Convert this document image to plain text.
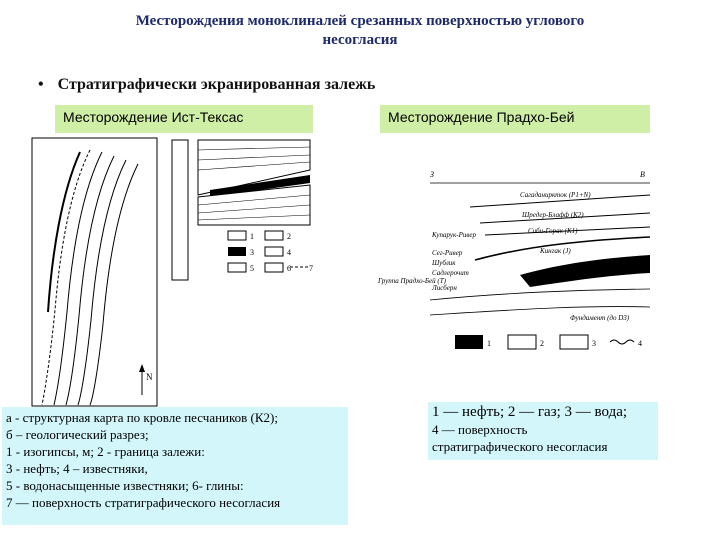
Месторождения моноклиналей срезанных поверхностью углового
несогласия
• Стратиграфически экранированная залежь
Месторождение Ист-Тексас	Месторождение Прадхо-Бей
N
1	2
3	4
5	6 7
З	В
Сагаданиркток (P1+N)
Шредер-Блафф (K2)
Сиби-Горак (K1)
Кингак (J)
Купарук-Ривер
Сег-Ривер
Шублик
Садлерочит
Группа Прадхо-Бей (Т)
Лисберн
Фундамент (до D3)
1	2	3	4
а - структурная карта по кровле песчаников (К2);
б – геологический разрез;
1 - изогипсы, м; 2 - граница залежи:
3 - нефть; 4 – известняки,
5 - водонасыщенные известняки; 6- глины:
7 — поверхность стратиграфического несогласия
1 — нефть; 2 — газ; 3 — вода;
4 — поверхность
стратиграфического несогласия
